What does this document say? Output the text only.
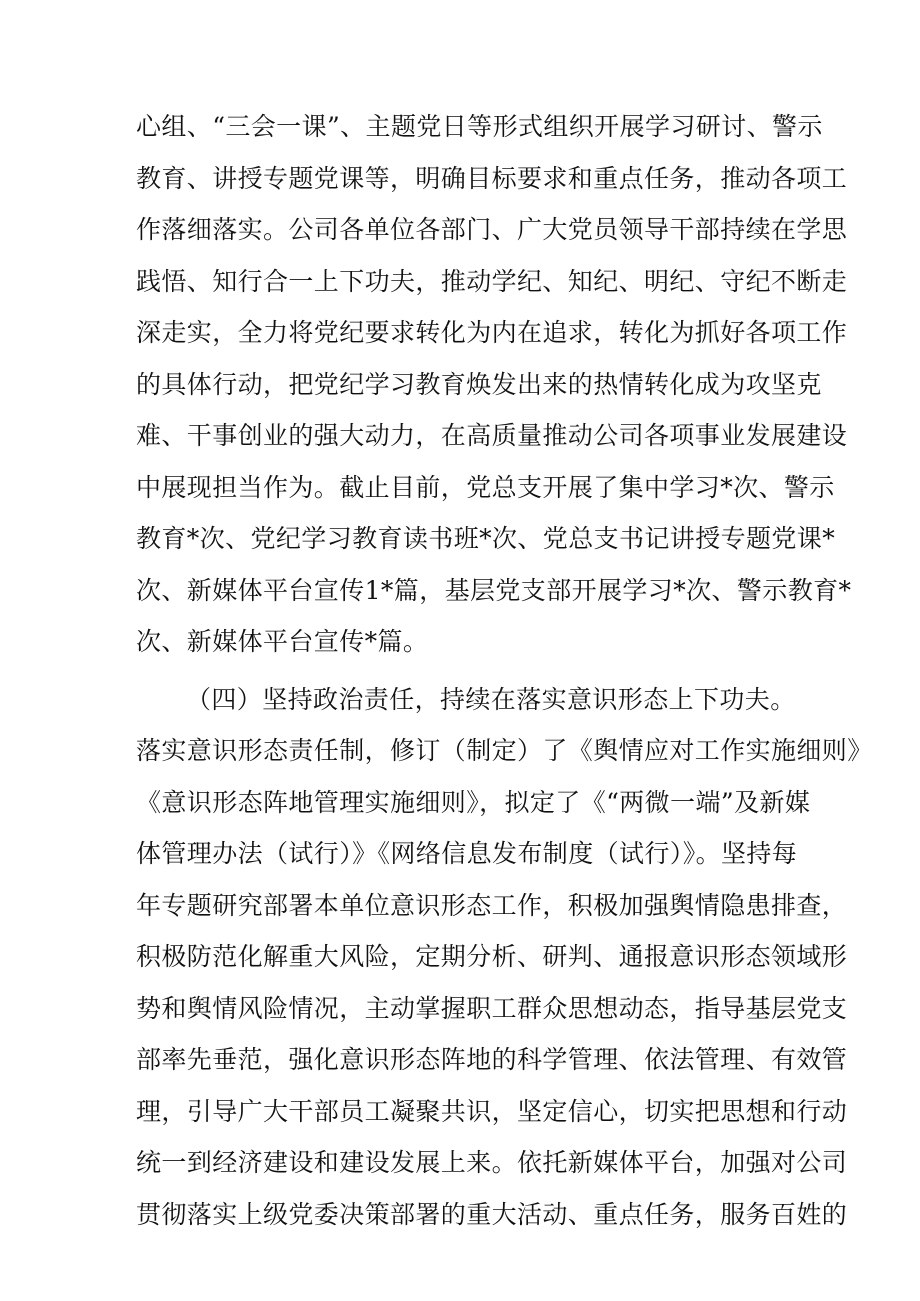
心组、“三会一课”、主题党日等形式组织开展学习研讨、警示
教育、讲授专题党课等，明确目标要求和重点任务，推动各项工
作落细落实。公司各单位各部门、广大党员领导干部持续在学思
践悟、知行合一上下功夫，推动学纪、知纪、明纪、守纪不断走
深走实，全力将党纪要求转化为内在追求，转化为抓好各项工作
的具体行动，把党纪学习教育焕发出来的热情转化成为攻坚克
难、干事创业的强大动力，在高质量推动公司各项事业发展建设
中展现担当作为。截止目前，党总支开展了集中学习*次、警示
教育*次、党纪学习教育读书班*次、党总支书记讲授专题党课*
次、新媒体平台宣传1*篇，基层党支部开展学习*次、警示教育*
次、新媒体平台宣传*篇。
（四）坚持政治责任，持续在落实意识形态上下功夫。
落实意识形态责任制，修订（制定）了《舆情应对工作实施细则》
《意识形态阵地管理实施细则》，拟定了《“两微一端”及新媒
体管理办法（试行）》《网络信息发布制度（试行）》。坚持每
年专题研究部署本单位意识形态工作，积极加强舆情隐患排查，
积极防范化解重大风险，定期分析、研判、通报意识形态领域形
势和舆情风险情况，主动掌握职工群众思想动态，指导基层党支
部率先垂范，强化意识形态阵地的科学管理、依法管理、有效管
理，引导广大干部员工凝聚共识，坚定信心，切实把思想和行动
统一到经济建设和建设发展上来。依托新媒体平台，加强对公司
贯彻落实上级党委决策部署的重大活动、重点任务，服务百姓的
